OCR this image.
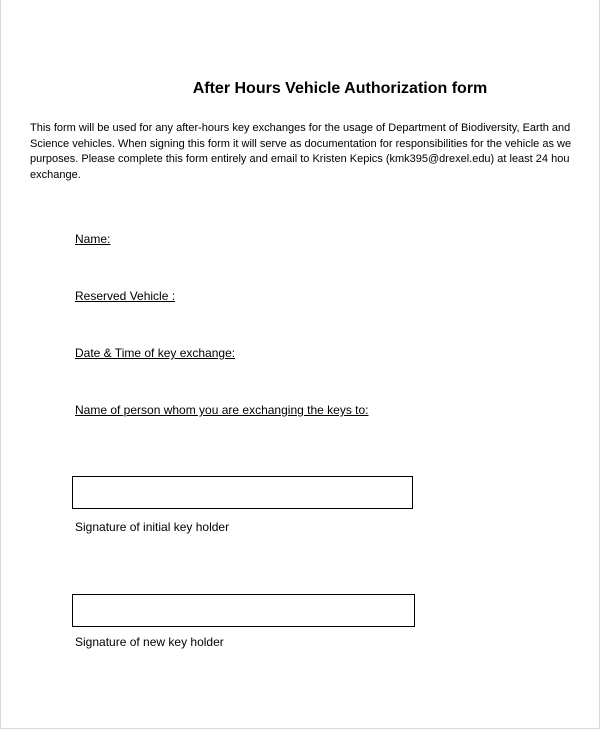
After Hours Vehicle Authorization form
This form will be used for any after-hours key exchanges for the usage of Department of Biodiversity, Earth and
Science vehicles. When signing this form it will serve as documentation for responsibilities for the vehicle as we
purposes. Please complete this form entirely and email to Kristen Kepics (kmk395@drexel.edu) at least 24 hou
exchange.
Name:
Reserved Vehicle :
Date & Time of key exchange:
Name of person whom you are exchanging the keys to:
Signature of initial key holder
Signature of new key holder
